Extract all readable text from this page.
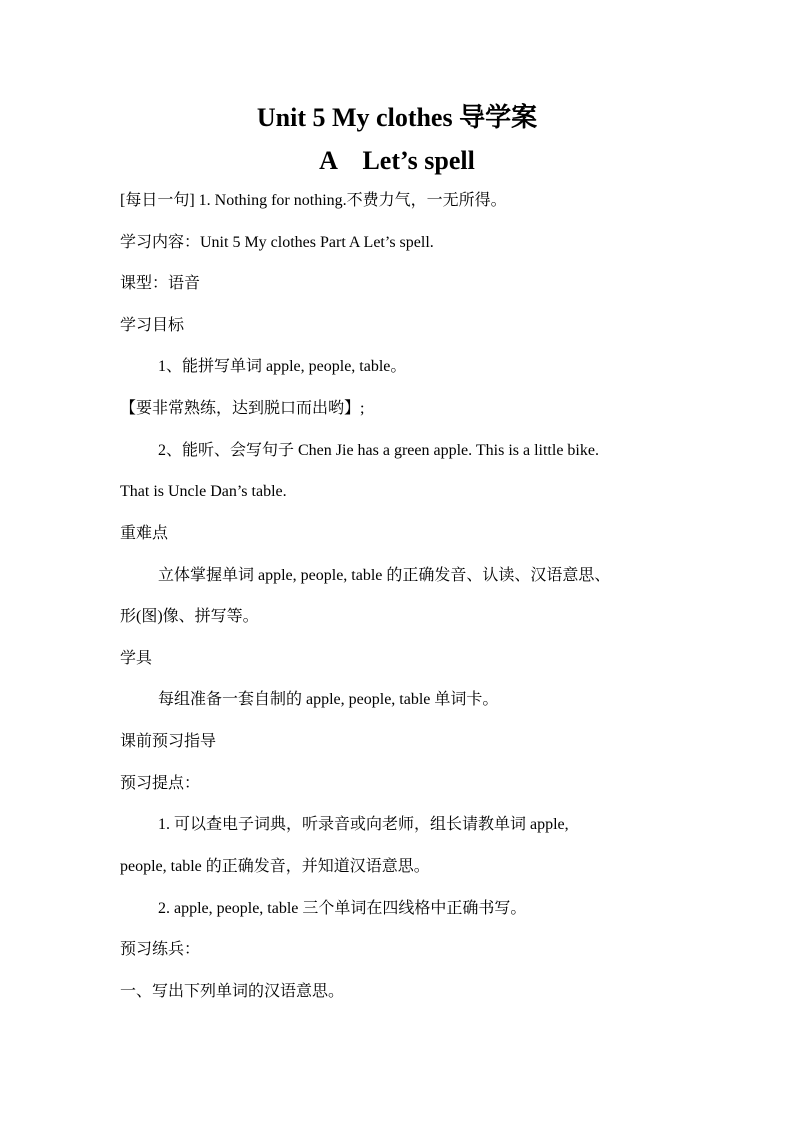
Unit 5 My clothes 导学案
A    Let’s spell
[每日一句] 1. Nothing for nothing.不费力气，一无所得。
学习内容：Unit 5 My clothes Part A Let’s spell.
课型：语音
学习目标
1、能拼写单词 apple, people, table。
【要非常熟练，达到脱口而出哟】;
2、能听、会写句子 Chen Jie has a green apple. This is a little bike.
That is Uncle Dan’s table.
重难点
立体掌握单词 apple, people, table 的正确发音、认读、汉语意思、
形(图)像、拼写等。
学具
每组准备一套自制的 apple, people, table 单词卡。
课前预习指导
预习提点：
1. 可以查电子词典，听录音或向老师，组长请教单词 apple,
people, table 的正确发音，并知道汉语意思。
2. apple, people, table 三个单词在四线格中正确书写。
预习练兵：
一、写出下列单词的汉语意思。
